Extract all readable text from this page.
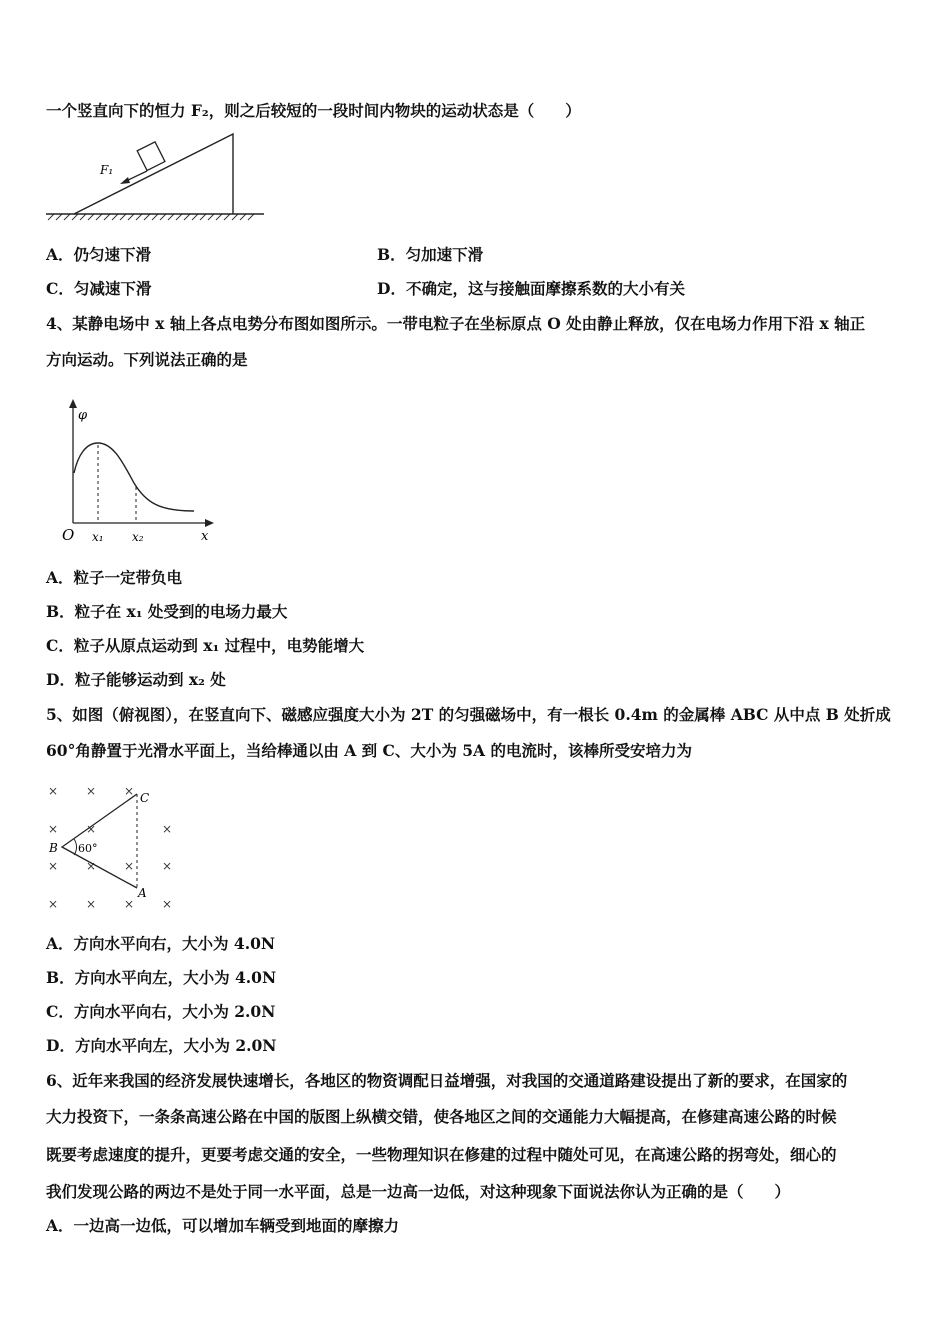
一个竖直向下的恒力 F₂，则之后较短的一段时间内物块的运动状态是（　　）
F₁
A．仍匀速下滑	B．匀加速下滑
C．匀减速下滑	D．不确定，这与接触面摩擦系数的大小有关
4、某静电场中 x 轴上各点电势分布图如图所示。一带电粒子在坐标原点 O 处由静止释放，仅在电场力作用下沿 x 轴正
方向运动。下列说法正确的是
φ
O x₁ x₂	x
A．粒子一定带负电
B．粒子在 x₁ 处受到的电场力最大
C．粒子从原点运动到 x₁ 过程中，电势能增大
D．粒子能够运动到 x₂ 处
5、如图（俯视图），在竖直向下、磁感应强度大小为 2T 的匀强磁场中，有一根长 0.4m 的金属棒 ABC 从中点 B 处折成
60°角静置于光滑水平面上，当给棒通以由 A 到 C、大小为 5A 的电流时，该棒所受安培力为
× × ×
× ×	×
× × × ×
× × × ×
60°
B
C
A
A．方向水平向右，大小为 4.0N
B．方向水平向左，大小为 4.0N
C．方向水平向右，大小为 2.0N
D．方向水平向左，大小为 2.0N
6、近年来我国的经济发展快速增长，各地区的物资调配日益增强，对我国的交通道路建设提出了新的要求，在国家的
大力投资下，一条条高速公路在中国的版图上纵横交错，使各地区之间的交通能力大幅提高，在修建高速公路的时候
既要考虑速度的提升，更要考虑交通的安全，一些物理知识在修建的过程中随处可见，在高速公路的拐弯处，细心的
我们发现公路的两边不是处于同一水平面，总是一边高一边低，对这种现象下面说法你认为正确的是（　　）
A．一边高一边低，可以增加车辆受到地面的摩擦力
